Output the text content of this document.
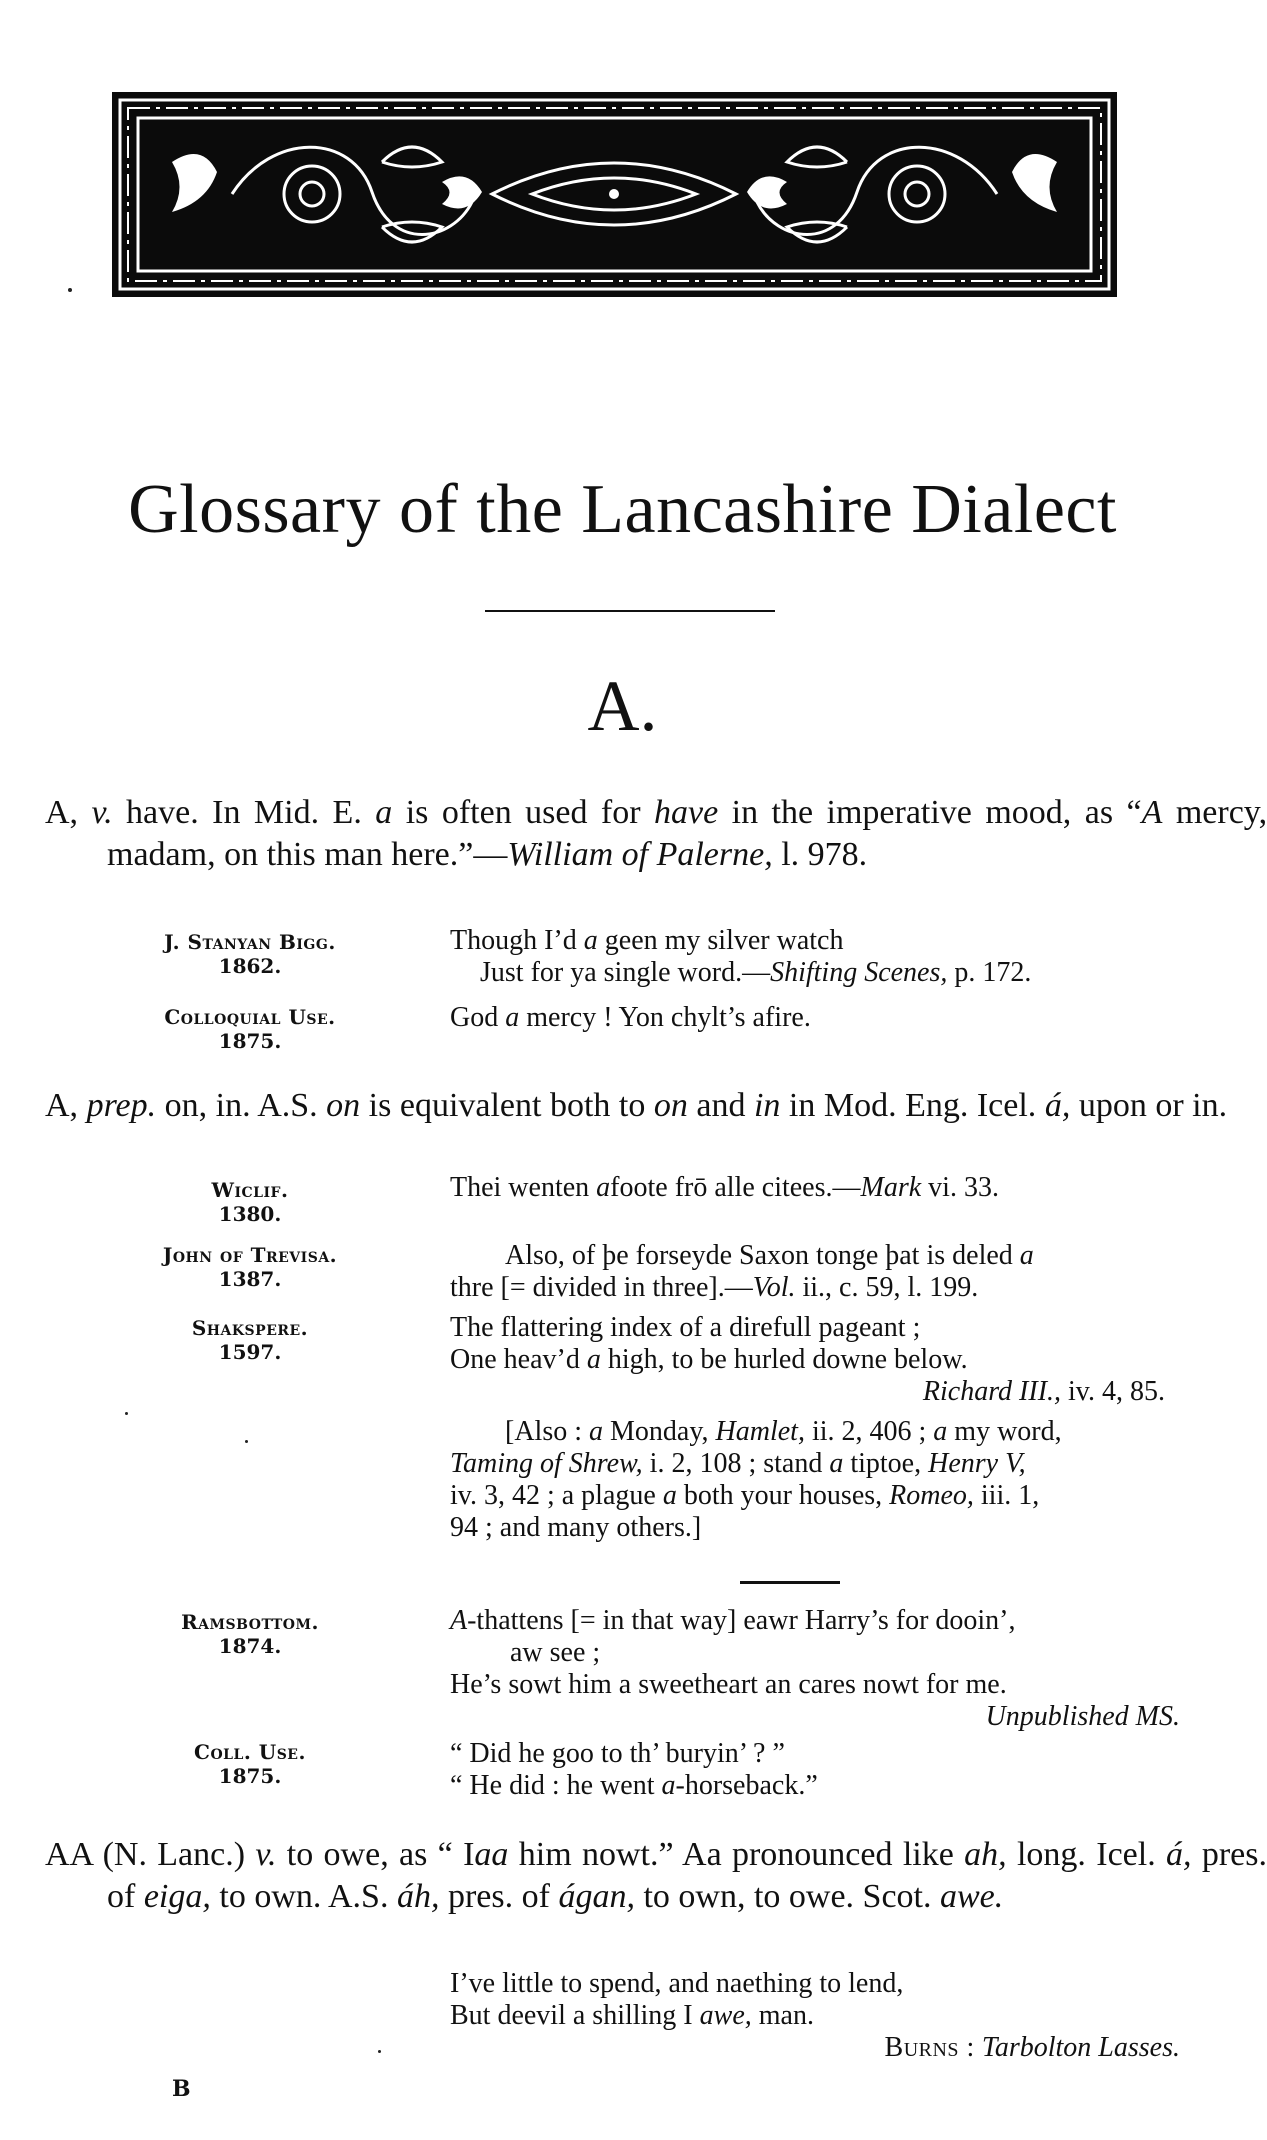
Glossary of the Lancashire Dialect
A.
A, v. have. In Mid. E. a is often used for have in the imperative mood, as “A mercy, madam, on this man here.”—William of Palerne, l. 978.
J. Stanyan Bigg.
1862.
Though I’d a geen my silver watch
Just for ya single word.—Shifting Scenes, p. 172.
Colloquial Use.
1875.
God a mercy ! Yon chylt’s afire.
A, prep. on, in. A.S. on is equivalent both to on and in in Mod. Eng. Icel. á, upon or in.
Wiclif.
1380.
Thei wenten afoote frō alle citees.—Mark vi. 33.
John of Trevisa.
1387.
Also, of þe forseyde Saxon tonge þat is deled a
thre [= divided in three].—Vol. ii., c. 59, l. 199.
Shakspere.
1597.
The flattering index of a direfull pageant ;
One heav’d a high, to be hurled downe below.
Richard III., iv. 4, 85.
[Also : a Monday, Hamlet, ii. 2, 406 ; a my word,
Taming of Shrew, i. 2, 108 ; stand a tiptoe, Henry V,
iv. 3, 42 ; a plague a both your houses, Romeo, iii. 1,
94 ; and many others.]
Ramsbottom.
1874.
A-thattens [= in that way] eawr Harry’s for dooin’,
aw see ;
He’s sowt him a sweetheart an cares nowt for me.
Unpublished MS.
Coll. Use.
1875.
“ Did he goo to th’ buryin’ ? ”
“ He did : he went a-horseback.”
AA (N. Lanc.) v. to owe, as “ Iaa him nowt.” Aa pronounced like ah, long. Icel. á, pres. of eiga, to own. A.S. áh, pres. of ágan, to own, to owe. Scot. awe.
I’ve little to spend, and naething to lend,
But deevil a shilling I awe, man.
Burns : Tarbolton Lasses.
B
